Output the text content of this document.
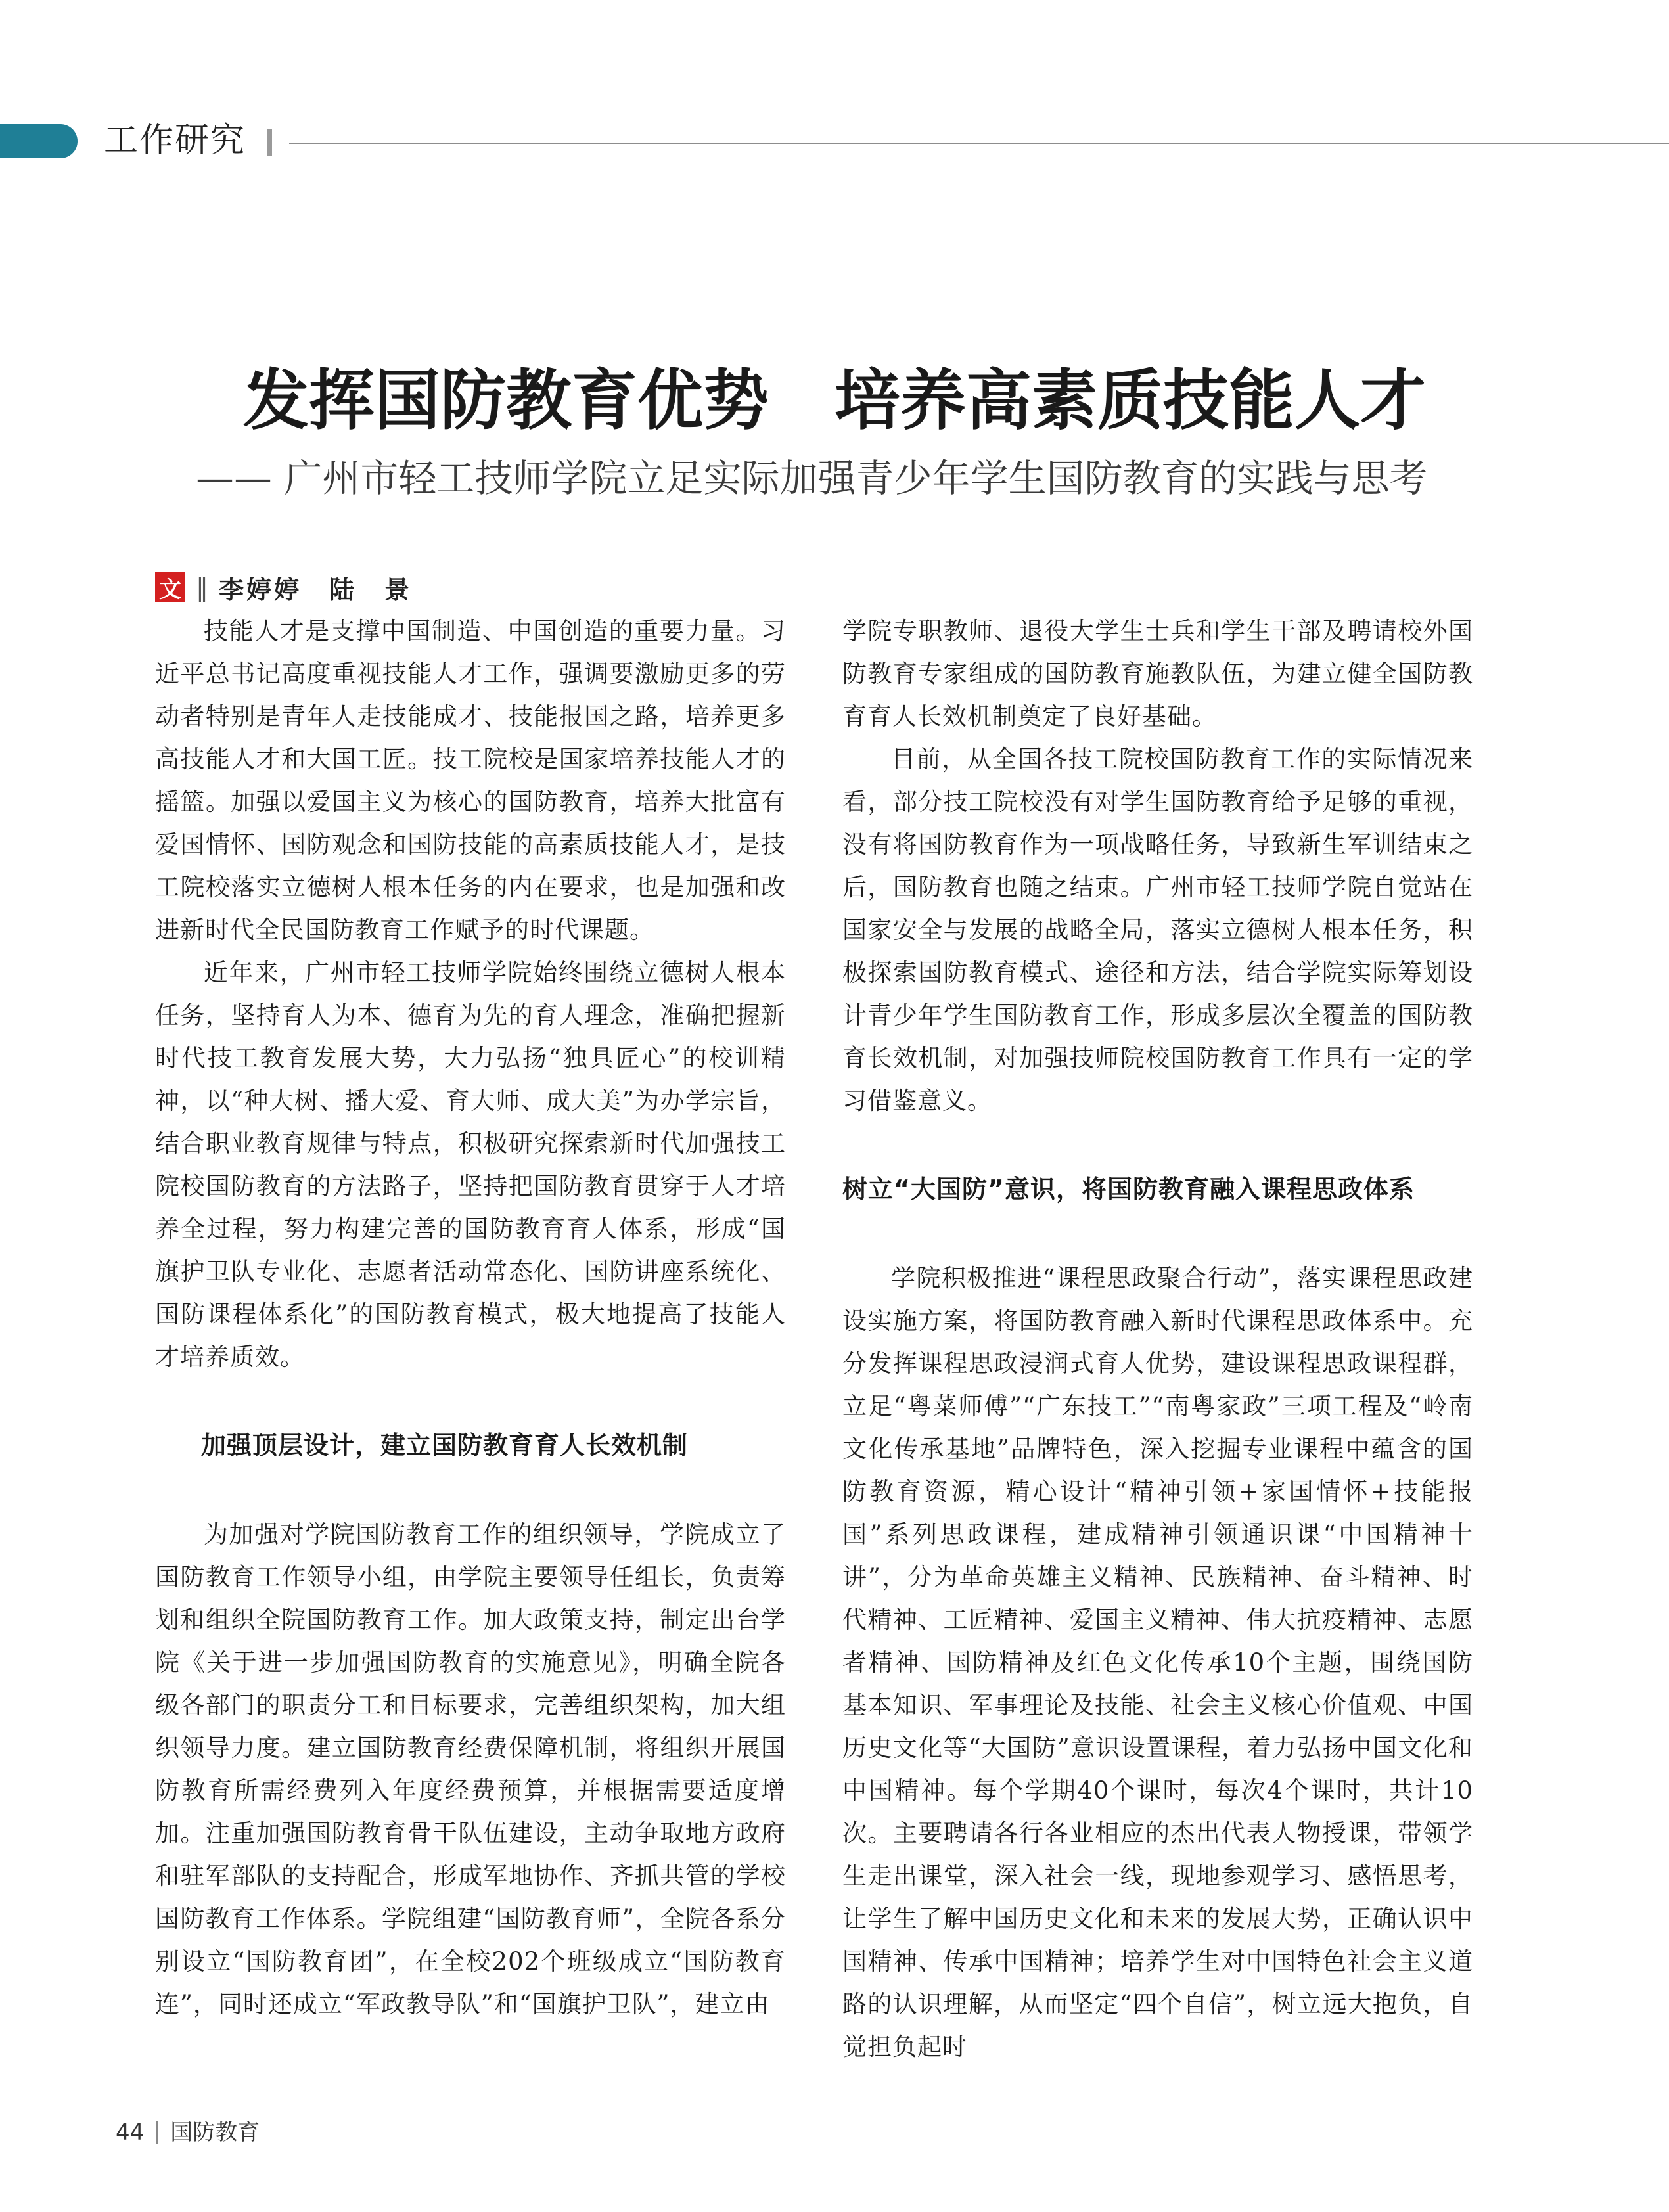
工作研究
发挥国防教育优势　培养高素质技能人才
—— 广州市轻工技师学院立足实际加强青少年学生国防教育的实践与思考
文 ‖ 李婷婷　陆　景

技能人才是支撑中国制造、中国创造的重要力量。习近平总书记高度重视技能人才工作，强调要激励更多的劳动者特别是青年人走技能成才、技能报国之路，培养更多高技能人才和大国工匠。技工院校是国家培养技能人才的摇篮。加强以爱国主义为核心的国防教育，培养大批富有爱国情怀、国防观念和国防技能的高素质技能人才，是技工院校落实立德树人根本任务的内在要求，也是加强和改进新时代全民国防教育工作赋予的时代课题。

近年来，广州市轻工技师学院始终围绕立德树人根本任务，坚持育人为本、德育为先的育人理念，准确把握新时代技工教育发展大势，大力弘扬“独具匠心”的校训精神，以“种大树、播大爱、育大师、成大美”为办学宗旨，结合职业教育规律与特点，积极研究探索新时代加强技工院校国防教育的方法路子，坚持把国防教育贯穿于人才培养全过程，努力构建完善的国防教育育人体系，形成“国旗护卫队专业化、志愿者活动常态化、国防讲座系统化、国防课程体系化”的国防教育模式，极大地提高了技能人才培养质效。

加强顶层设计，建立国防教育育人长效机制

为加强对学院国防教育工作的组织领导，学院成立了国防教育工作领导小组，由学院主要领导任组长，负责筹划和组织全院国防教育工作。加大政策支持，制定出台学院《关于进一步加强国防教育的实施意见》，明确全院各级各部门的职责分工和目标要求，完善组织架构，加大组织领导力度。建立国防教育经费保障机制，将组织开展国防教育所需经费列入年度经费预算，并根据需要适度增加。注重加强国防教育骨干队伍建设，主动争取地方政府和驻军部队的支持配合，形成军地协作、齐抓共管的学校国防教育工作体系。学院组建“国防教育师”，全院各系分别设立“国防教育团”，在全校202个班级成立“国防教育连”，同时还成立“军政教导队”和“国旗护卫队”，建立由

学院专职教师、退役大学生士兵和学生干部及聘请校外国防教育专家组成的国防教育施教队伍，为建立健全国防教育育人长效机制奠定了良好基础。

目前，从全国各技工院校国防教育工作的实际情况来看，部分技工院校没有对学生国防教育给予足够的重视，没有将国防教育作为一项战略任务，导致新生军训结束之后，国防教育也随之结束。广州市轻工技师学院自觉站在国家安全与发展的战略全局，落实立德树人根本任务，积极探索国防教育模式、途径和方法，结合学院实际筹划设计青少年学生国防教育工作，形成多层次全覆盖的国防教育长效机制，对加强技师院校国防教育工作具有一定的学习借鉴意义。

树立“大国防”意识，将国防教育融入课程思政体系

学院积极推进“课程思政聚合行动”，落实课程思政建设实施方案，将国防教育融入新时代课程思政体系中。充分发挥课程思政浸润式育人优势，建设课程思政课程群，立足“粤菜师傅”“广东技工”“南粤家政”三项工程及“岭南文化传承基地”品牌特色，深入挖掘专业课程中蕴含的国防教育资源，精心设计“精神引领+家国情怀+技能报国”系列思政课程，建成精神引领通识课“中国精神十讲”，分为革命英雄主义精神、民族精神、奋斗精神、时代精神、工匠精神、爱国主义精神、伟大抗疫精神、志愿者精神、国防精神及红色文化传承10个主题，围绕国防基本知识、军事理论及技能、社会主义核心价值观、中国历史文化等“大国防”意识设置课程，着力弘扬中国文化和中国精神。每个学期40个课时，每次4个课时，共计10次。主要聘请各行各业相应的杰出代表人物授课，带领学生走出课堂，深入社会一线，现地参观学习、感悟思考，让学生了解中国历史文化和未来的发展大势，正确认识中国精神、传承中国精神；培养学生对中国特色社会主义道路的认识理解，从而坚定“四个自信”，树立远大抱负，自觉担负起时

44 国防教育
